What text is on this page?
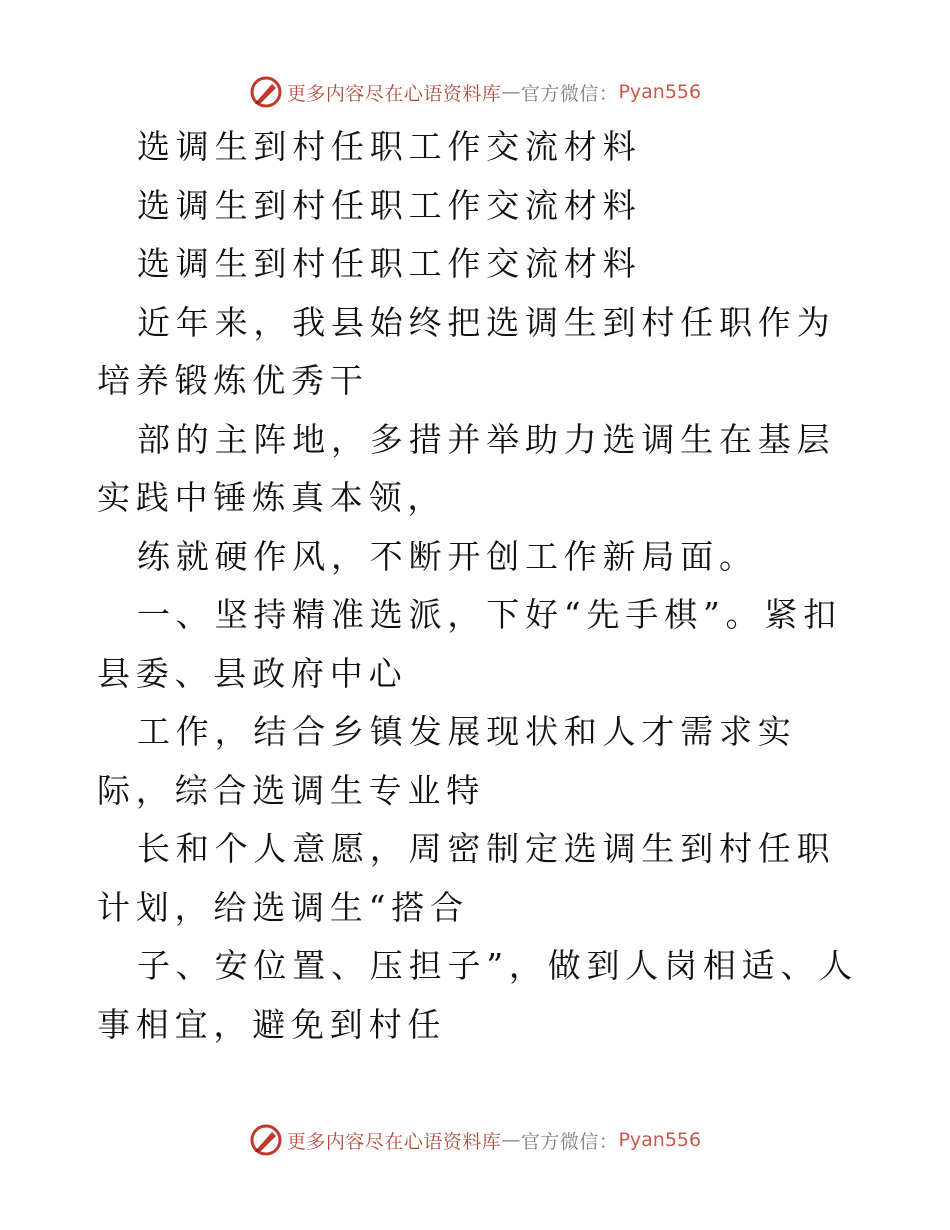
更多内容尽在心语资料库 — 官方微信： Pyan556

选调生到村任职工作交流材料

选调生到村任职工作交流材料

选调生到村任职工作交流材料

近年来，我县始终把选调生到村任职作为培养锻炼优秀干

部的主阵地，多措并举助力选调生在基层实践中锤炼真本领，

练就硬作风，不断开创工作新局面。

一、坚持精准选派，下好“先手棋”。紧扣县委、县政府中心

工作，结合乡镇发展现状和人才需求实际，综合选调生专业特

长和个人意愿，周密制定选调生到村任职计划，给选调生“搭合

子、安位置、压担子”，做到人岗相适、人事相宜，避免到村任

更多内容尽在心语资料库 — 官方微信： Pyan556
